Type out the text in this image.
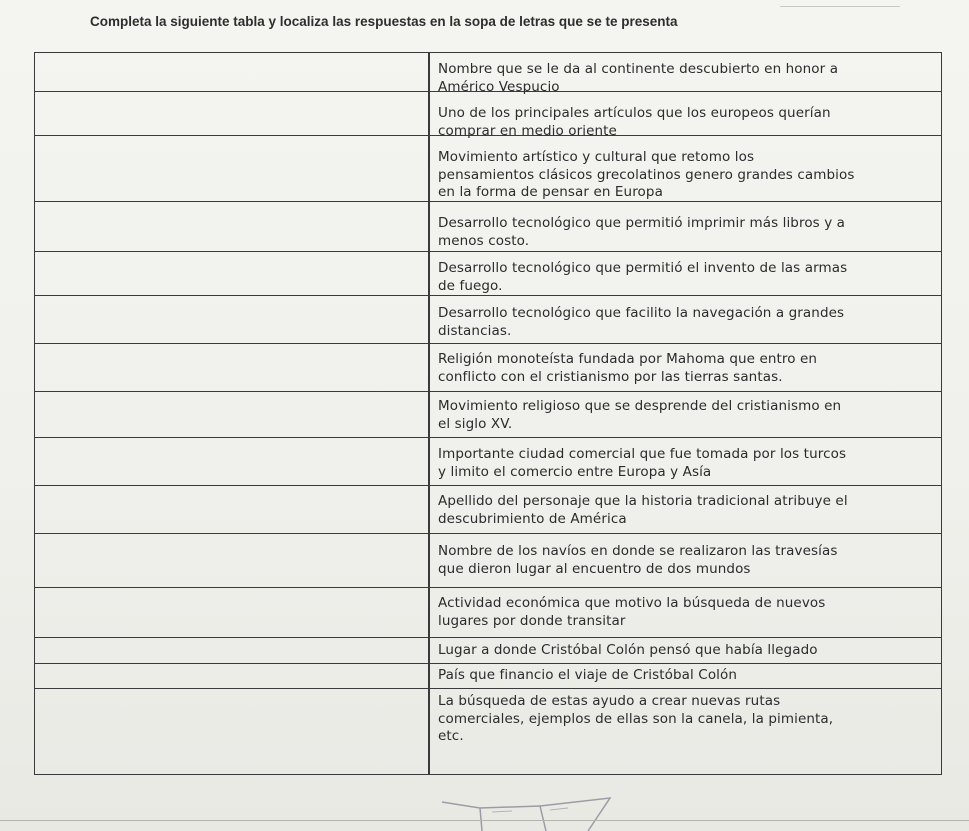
Completa la siguiente tabla y localiza las respuestas en la sopa de letras que se te presenta
Nombre que se le da al continente descubierto en honor a
Américo Vespucio
Uno de los principales artículos que los europeos querían
comprar en medio oriente
Movimiento artístico y cultural que retomo los
pensamientos clásicos grecolatinos genero grandes cambios
en la forma de pensar en Europa
Desarrollo tecnológico que permitió imprimir más libros y a
menos costo.
Desarrollo tecnológico que permitió el invento de las armas
de fuego.
Desarrollo tecnológico que facilito la navegación a grandes
distancias.
Religión monoteísta fundada por Mahoma que entro en
conflicto con el cristianismo por las tierras santas.
Movimiento religioso que se desprende del cristianismo en
el siglo XV.
Importante ciudad comercial que fue tomada por los turcos
y limito el comercio entre Europa y Asía
Apellido del personaje que la historia tradicional atribuye el
descubrimiento de América
Nombre de los navíos en donde se realizaron las travesías
que dieron lugar al encuentro de dos mundos
Actividad económica que motivo la búsqueda de nuevos
lugares por donde transitar
Lugar a donde Cristóbal Colón pensó que había llegado
País que financio el viaje de Cristóbal Colón
La búsqueda de estas ayudo a crear nuevas rutas
comerciales, ejemplos de ellas son la canela, la pimienta,
etc.
